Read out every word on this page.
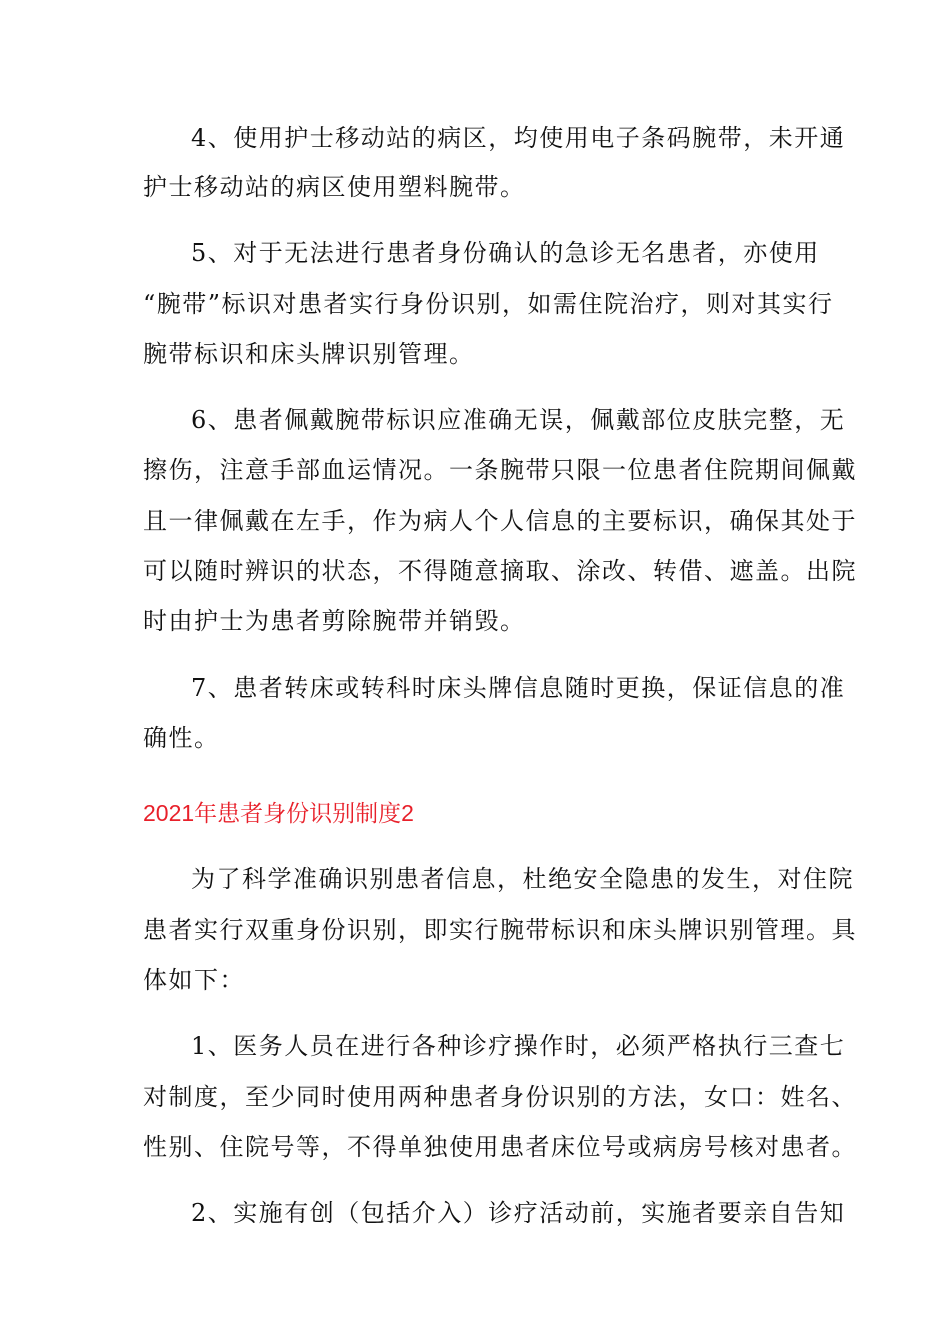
4、使用护士移动站的病区，均使用电子条码腕带，未开通
护士移动站的病区使用塑料腕带。
5、对于无法进行患者身份确认的急诊无名患者，亦使用
“腕带”标识对患者实行身份识别，如需住院治疗，则对其实行
腕带标识和床头牌识别管理。
6、患者佩戴腕带标识应准确无误，佩戴部位皮肤完整，无
擦伤，注意手部血运情况。一条腕带只限一位患者住院期间佩戴
且一律佩戴在左手，作为病人个人信息的主要标识，确保其处于
可以随时辨识的状态，不得随意摘取、涂改、转借、遮盖。出院
时由护士为患者剪除腕带并销毁。
7、患者转床或转科时床头牌信息随时更换，保证信息的准
确性。
2021年患者身份识别制度2
为了科学准确识别患者信息，杜绝安全隐患的发生，对住院
患者实行双重身份识别，即实行腕带标识和床头牌识别管理。具
体如下：
1、医务人员在进行各种诊疗操作时，必须严格执行三查七
对制度，至少同时使用两种患者身份识别的方法，女口：姓名、
性别、住院号等，不得单独使用患者床位号或病房号核对患者。
2、实施有创（包括介入）诊疗活动前，实施者要亲自告知
